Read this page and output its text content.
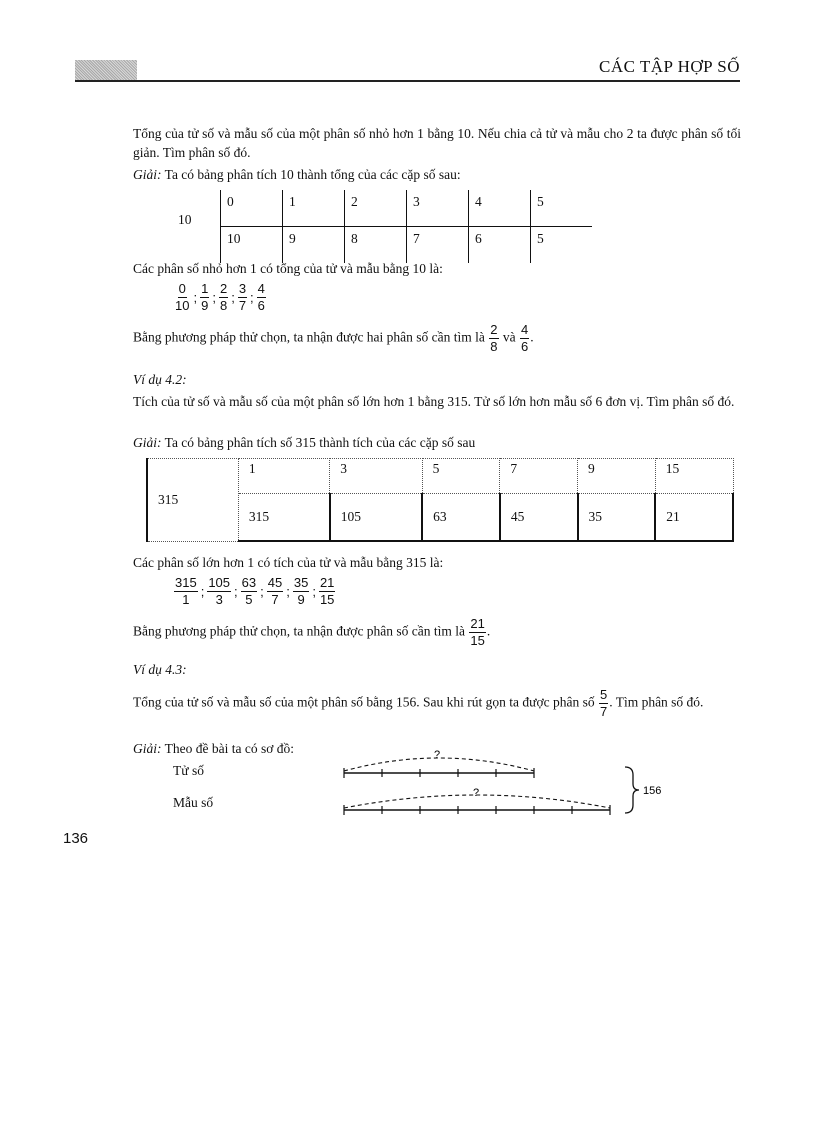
CÁC TẬP HỢP SỐ
Tổng của tử số và mẫu số của một phân số nhỏ hơn 1 bằng 10. Nếu chia cả tử và mẫu cho 2 ta được phân số tối giản. Tìm phân số đó.
Giải: Ta có bảng phân tích 10 thành tổng của các cặp số sau:
10
0	1	2	3	4	5
10	9	8	7	6	5
Các phân số nhỏ hơn 1 có tổng của tử và mẫu bằng 10 là:
$\frac{0}{10}$ ; $\frac{1}{9}$ ; $\frac{2}{8}$ ; $\frac{3}{7}$ ; $\frac{4}{6}$
Bằng phương pháp thử chọn, ta nhận được hai phân số cần tìm là $\frac{2}{8}$ và $\frac{4}{6}$ .
Ví dụ 4.2:
Tích của tử số và mẫu số của một phân số lớn hơn 1 bằng 315. Tử số lớn hơn mẫu số 6 đơn vị. Tìm phân số đó.
Giải: Ta có bảng phân tích số 315 thành tích của các cặp số sau
315	1	3	5	7	9	15
	315	105	63	45	35	21
Các phân số lớn hơn 1 có tích của tử và mẫu bằng 315 là:
$\frac{315}{1}$ ; $\frac{105}{3}$ ; $\frac{63}{5}$ ; $\frac{45}{7}$ ; $\frac{35}{9}$ ; $\frac{21}{15}$
Bằng phương pháp thử chọn, ta nhận được phân số cần tìm là $\frac{21}{15}$ .
Ví dụ 4.3:
Tổng của tử số và mẫu số của một phân số bằng 156. Sau khi rút gọn ta được phân số $\frac{5}{7}$ . Tìm phân số đó.
Giải: Theo đề bài ta có sơ đồ:
Tử số
Mẫu số
156
?
?
136
